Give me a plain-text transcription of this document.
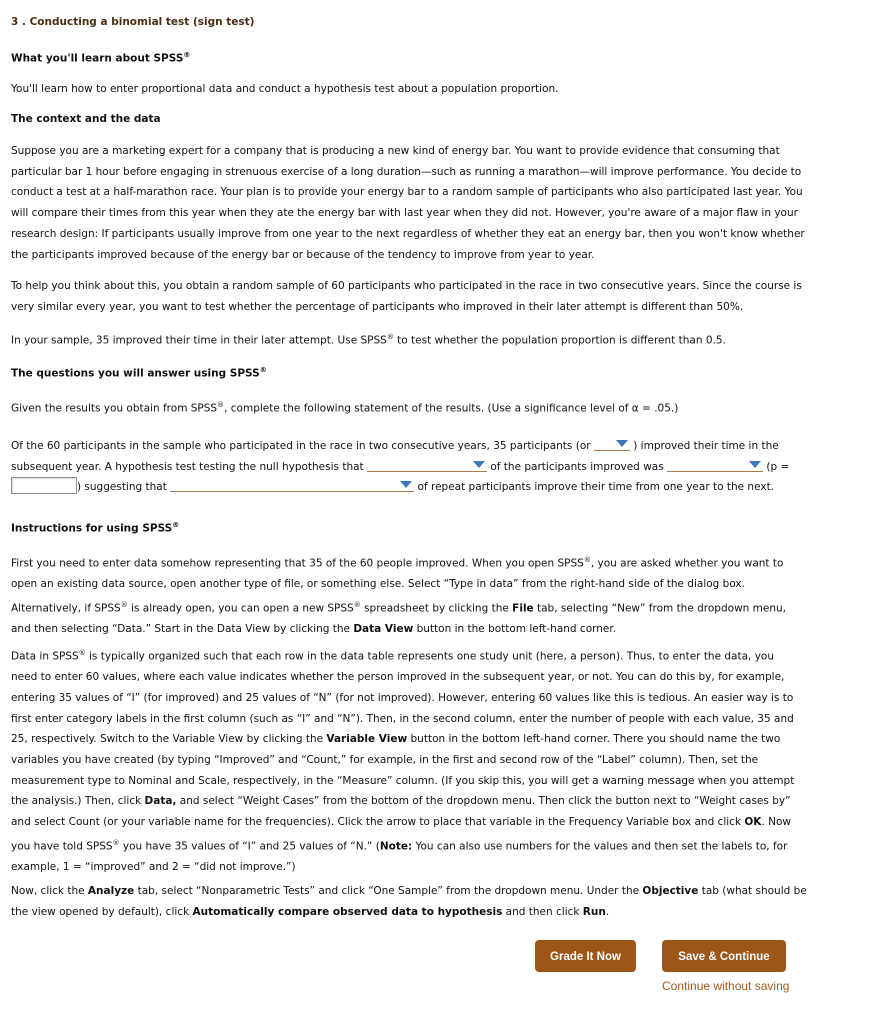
3 . Conducting a binomial test (sign test)
What you'll learn about SPSS®
You'll learn how to enter proportional data and conduct a hypothesis test about a population proportion.
The context and the data
Suppose you are a marketing expert for a company that is producing a new kind of energy bar. You want to provide evidence that consuming that particular bar 1 hour before engaging in strenuous exercise of a long duration—such as running a marathon—will improve performance. You decide to conduct a test at a half-marathon race. Your plan is to provide your energy bar to a random sample of participants who also participated last year. You will compare their times from this year when they ate the energy bar with last year when they did not. However, you're aware of a major flaw in your research design: If participants usually improve from one year to the next regardless of whether they eat an energy bar, then you won't know whether the participants improved because of the energy bar or because of the tendency to improve from year to year.
To help you think about this, you obtain a random sample of 60 participants who participated in the race in two consecutive years. Since the course is very similar every year, you want to test whether the percentage of participants who improved in their later attempt is different than 50%.
In your sample, 35 improved their time in their later attempt. Use SPSS® to test whether the population proportion is different than 0.5.
The questions you will answer using SPSS®
Given the results you obtain from SPSS®, complete the following statement of the results. (Use a significance level of α = .05.)
Of the 60 participants in the sample who participated in the race in two consecutive years, 35 participants (or	) improved their time in the subsequent year. A hypothesis test testing the null hypothesis that	of the participants improved was	(p = ) suggesting that	of repeat participants improve their time from one year to the next.
Instructions for using SPSS®
First you need to enter data somehow representing that 35 of the 60 people improved. When you open SPSS®, you are asked whether you want to open an existing data source, open another type of file, or something else. Select “Type in data” from the right-hand side of the dialog box. Alternatively, if SPSS® is already open, you can open a new SPSS® spreadsheet by clicking the File tab, selecting “New” from the dropdown menu, and then selecting “Data.” Start in the Data View by clicking the Data View button in the bottom left-hand corner.
Data in SPSS® is typically organized such that each row in the data table represents one study unit (here, a person). Thus, to enter the data, you need to enter 60 values, where each value indicates whether the person improved in the subsequent year, or not. You can do this by, for example, entering 35 values of “I” (for improved) and 25 values of “N” (for not improved). However, entering 60 values like this is tedious. An easier way is to first enter category labels in the first column (such as “I” and “N”). Then, in the second column, enter the number of people with each value, 35 and 25, respectively. Switch to the Variable View by clicking the Variable View button in the bottom left-hand corner. There you should name the two variables you have created (by typing “Improved” and “Count,” for example, in the first and second row of the “Label” column). Then, set the measurement type to Nominal and Scale, respectively, in the “Measure” column. (If you skip this, you will get a warning message when you attempt the analysis.) Then, click Data, and select “Weight Cases” from the bottom of the dropdown menu. Then click the button next to “Weight cases by” and select Count (or your variable name for the frequencies). Click the arrow to place that variable in the Frequency Variable box and click OK. Now you have told SPSS® you have 35 values of “I” and 25 values of “N.” (Note: You can also use numbers for the values and then set the labels to, for example, 1 = “improved” and 2 = “did not improve.”)
Now, click the Analyze tab, select “Nonparametric Tests” and click “One Sample” from the dropdown menu. Under the Objective tab (what should be the view opened by default), click Automatically compare observed data to hypothesis and then click Run.
Grade It Now	Save & Continue
Continue without saving
